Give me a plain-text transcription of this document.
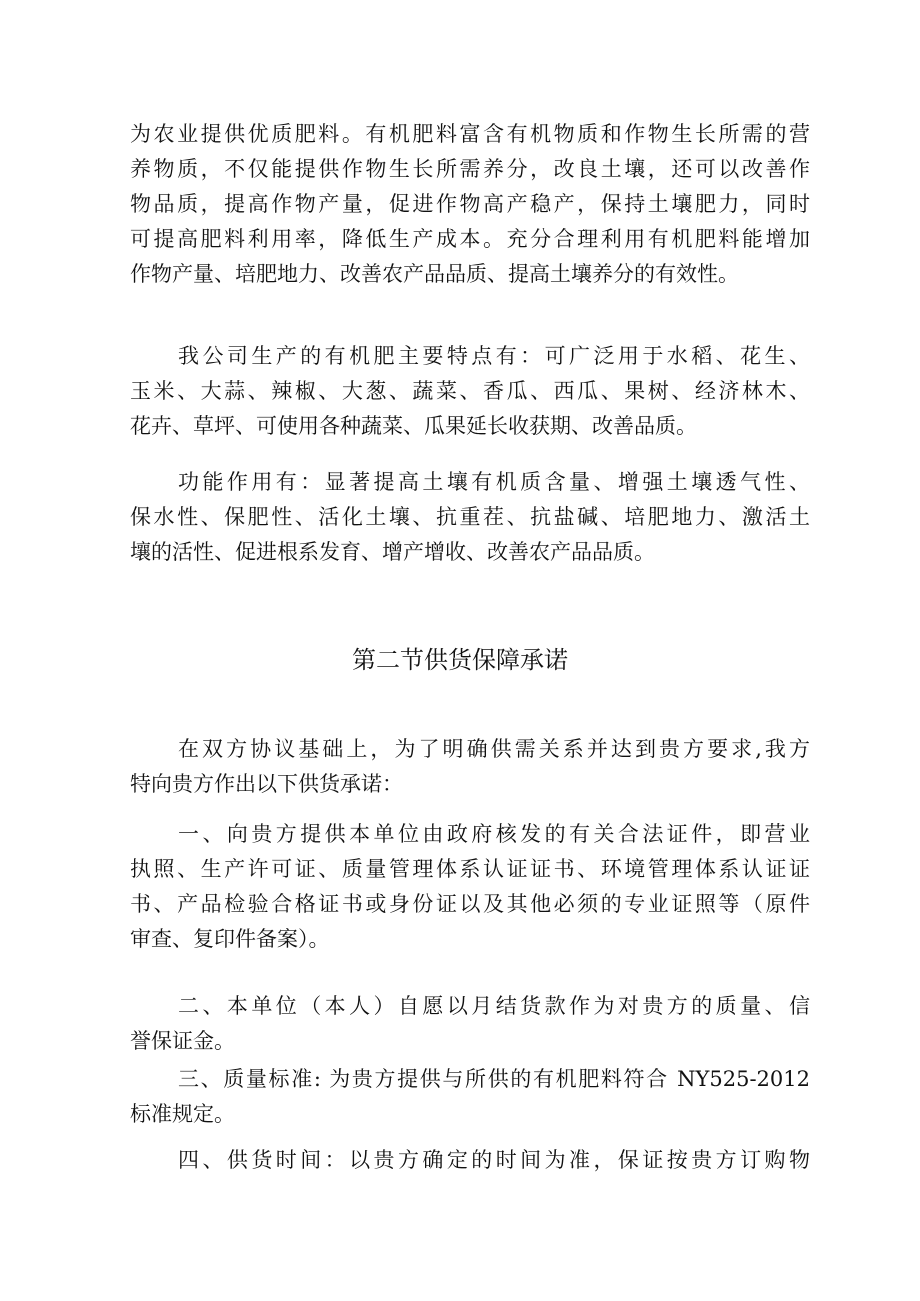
为农业提供优质肥料。有机肥料富含有机物质和作物生长所需的营
养物质，不仅能提供作物生长所需养分，改良土壤，还可以改善作
物品质，提高作物产量，促进作物高产稳产，保持土壤肥力，同时
可提高肥料利用率，降低生产成本。充分合理利用有机肥料能增加
作物产量、培肥地力、改善农产品品质、提高土壤养分的有效性。
我公司生产的有机肥主要特点有：可广泛用于水稻、花生、
玉米、大蒜、辣椒、大葱、蔬菜、香瓜、西瓜、果树、经济林木、
花卉、草坪、可使用各种蔬菜、瓜果延长收获期、改善品质。
功能作用有：显著提高土壤有机质含量、增强土壤透气性、
保水性、保肥性、活化土壤、抗重茬、抗盐碱、培肥地力、激活土
壤的活性、促进根系发育、增产增收、改善农产品品质。
第二节供货保障承诺
在双方协议基础上，为了明确供需关系并达到贵方要求,我方
特向贵方作出以下供货承诺：
一、向贵方提供本单位由政府核发的有关合法证件，即营业
执照、生产许可证、质量管理体系认证证书、环境管理体系认证证
书、产品检验合格证书或身份证以及其他必须的专业证照等（原件
审查、复印件备案）。
二、本单位（本人）自愿以月结货款作为对贵方的质量、信
誉保证金。
三、质量标准: 为贵方提供与所供的有机肥料符合 NY525-2012
标准规定。
四、供货时间：以贵方确定的时间为准，保证按贵方订购物
